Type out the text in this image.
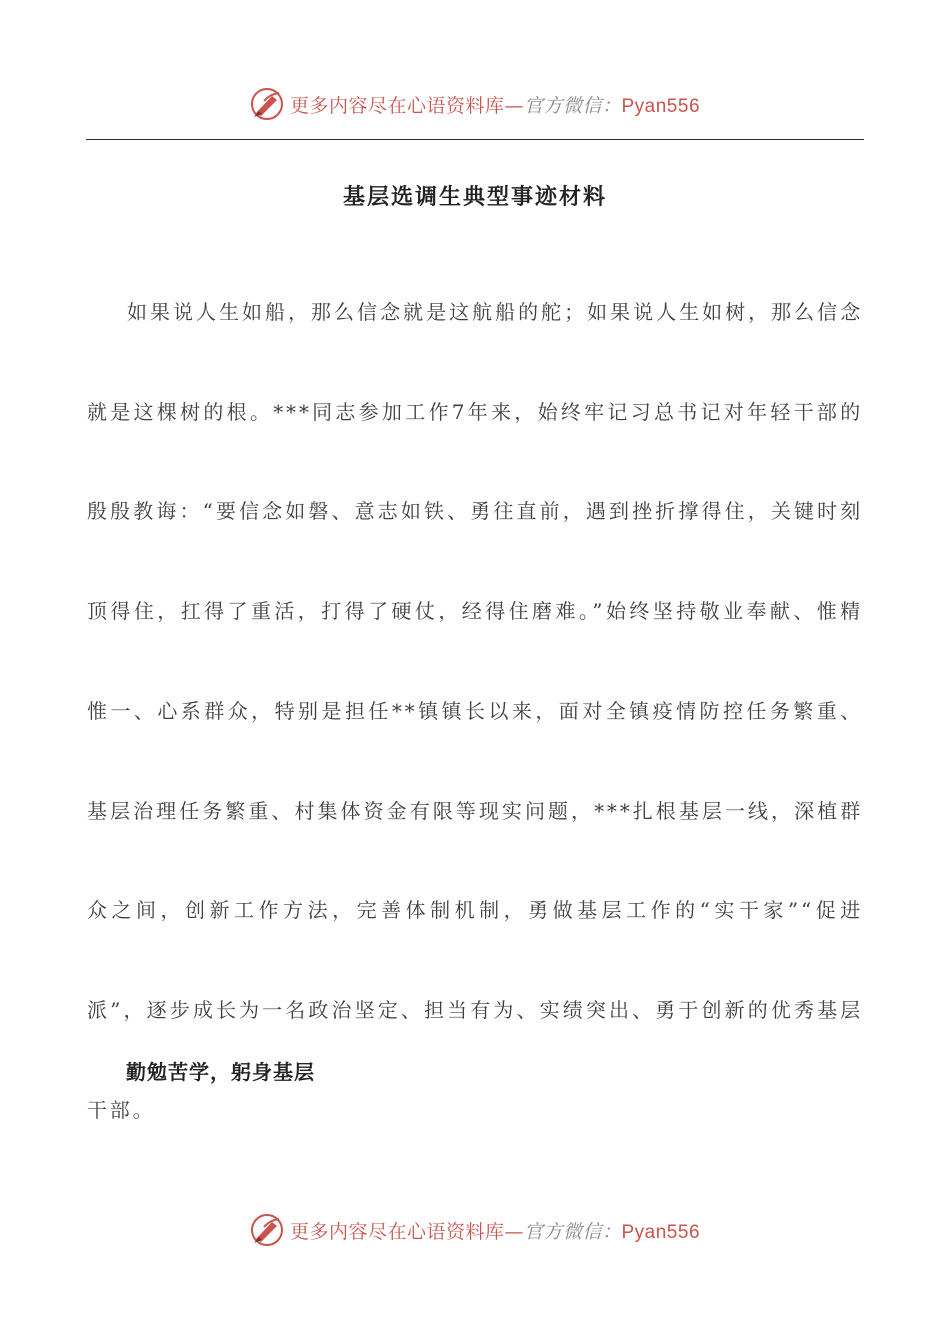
更多内容尽在心语资料库—官方微信：Pyan556
基层选调生典型事迹材料

如果说人生如船，那么信念就是这航船的舵；如果说人生如树，那么信念就是这棵树的根。***同志参加工作7年来，始终牢记习总书记对年轻干部的殷殷教诲：“要信念如磐、意志如铁、勇往直前，遇到挫折撑得住，关键时刻顶得住，扛得了重活，打得了硬仗，经得住磨难。”始终坚持敬业奉献、惟精惟一、心系群众，特别是担任**镇镇长以来，面对全镇疫情防控任务繁重、基层治理任务繁重、村集体资金有限等现实问题，***扎根基层一线，深植群众之间，创新工作方法，完善体制机制，勇做基层工作的“实干家”“促进派”，逐步成长为一名政治坚定、担当有为、实绩突出、勇于创新的优秀基层干部。

勤勉苦学，躬身基层
更多内容尽在心语资料库—官方微信：Pyan556
